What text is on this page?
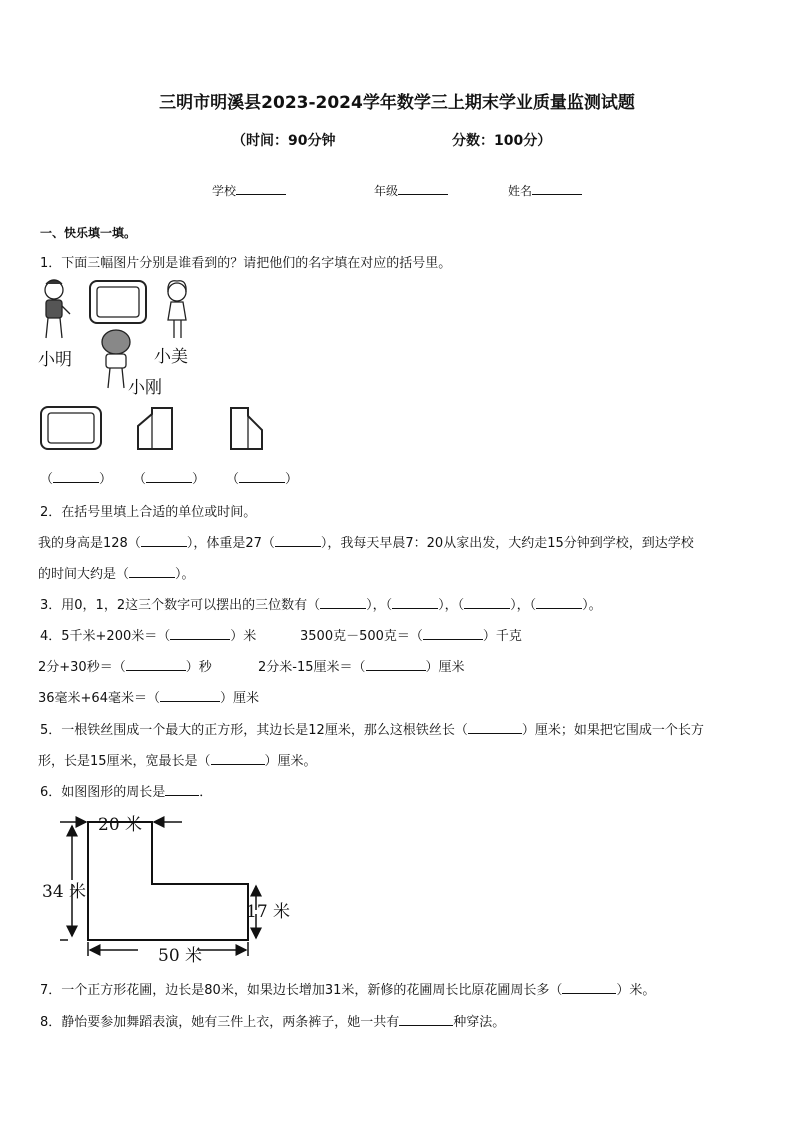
三明市明溪县2023-2024学年数学三上期末学业质量监测试题
（时间：90分钟	分数：100分）
学校	年级	姓名
一、快乐填一填。
1．下面三幅图片分别是谁看到的？请把他们的名字填在对应的括号里。
小明	小美
小刚
（	） （	） （	）
2．在括号里填上合适的单位或时间。
我的身高是128（	），体重是27（	），我每天早晨7：20从家出发，大约走15分钟到学校，到达学校
的时间大约是（	）。
3．用0，1，2这三个数字可以摆出的三位数有（	），（	），（	），（	）。
4．5千米+200米＝（	）米	3500克－500克＝（	）千克
2分+30秒＝（	）秒	2分米-15厘米＝（	）厘米
36毫米+64毫米＝（	）厘米
5．一根铁丝围成一个最大的正方形，其边长是12厘米，那么这根铁丝长（	）厘米；如果把它围成一个长方
形，长是15厘米，宽最长是（	）厘米。
6．如图图形的周长是	．
20 米
34 米
17 米
50 米
7．一个正方形花圃，边长是80米，如果边长增加31米，新修的花圃周长比原花圃周长多（	）米。
8．静怡要参加舞蹈表演，她有三件上衣，两条裤子，她一共有	种穿法。
